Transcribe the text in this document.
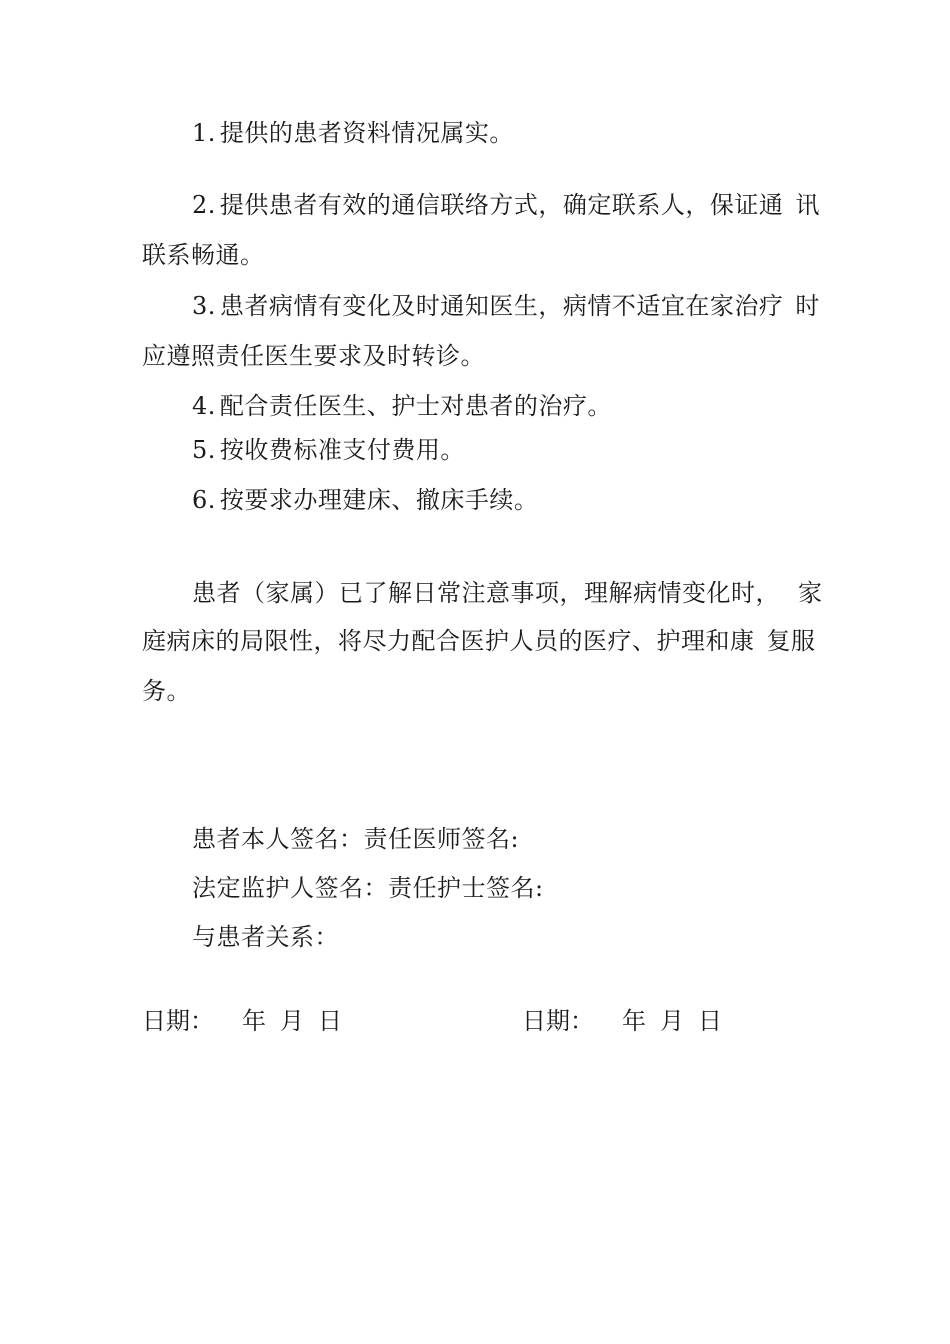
1. 提供的患者资料情况属实。
2. 提供患者有效的通信联络方式，确定联系人，保证通 讯
联系畅通。
3. 患者病情有变化及时通知医生，病情不适宜在家治疗 时
应遵照责任医生要求及时转诊。
4. 配合责任医生、护士对患者的治疗。
5. 按收费标准支付费用。
6. 按要求办理建床、撤床手续。
患者（家属）已了解日常注意事项，理解病情变化时， 家
庭病床的局限性，将尽力配合医护人员的医疗、护理和康 复服
务。
患者本人签名：责任医师签名:
法定监护人签名：责任护士签名:
与患者关系：
日期： 年 月 日	日期： 年 月 日
